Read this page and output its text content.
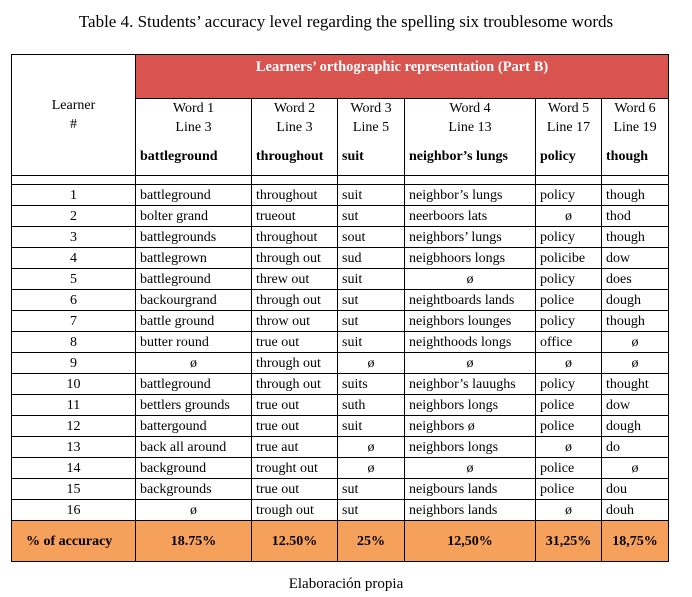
Table 4. Students’ accuracy level regarding the spelling six troublesome words
Learner
#	Learners’ orthographic representation (Part B)					
	Word 1	Word 2	Word 3	Word 4	Word 5	Word 6
	Line 3	Line 3	Line 5	Line 13	Line 17	Line 19
	battleground	throughout	suit	neighbor’s lungs	policy	though

1	battleground	throughout	suit	neighbor’s lungs	policy	though
2	bolter grand	trueout	sut	neerboors lats	ø	thod
3	battlegrounds	throughout	sout	neighbors’ lungs	policy	though
4	battlegrown	through out	sud	neigbhoors longs	policibe	dow
5	battleground	threw out	suit	ø	policy	does
6	backourgrand	through out	sut	neightboards lands	police	dough
7	battle ground	throw out	sut	neighbors lounges	policy	though
8	butter round	true out	suit	neighthoods longs	office	ø
9	ø	through out	ø	ø	ø	ø
10	battleground	through out	suits	neighbor’s lauughs	policy	thought
11	bettlers grounds	true out	suth	neighbors longs	police	dow
12	battergound	true out	suit	neighbors ø	police	dough
13	back all around	true aut	ø	neighbors longs	ø	do
14	background	trought out	ø	ø	police	ø
15	backgrounds	true out	sut	neigbours lands	police	dou
16	ø	trough out	sut	neighbors lands	ø	douh
% of accuracy	18.75%	12.50%	25%	12,50%	31,25%	18,75%
Elaboración propia
